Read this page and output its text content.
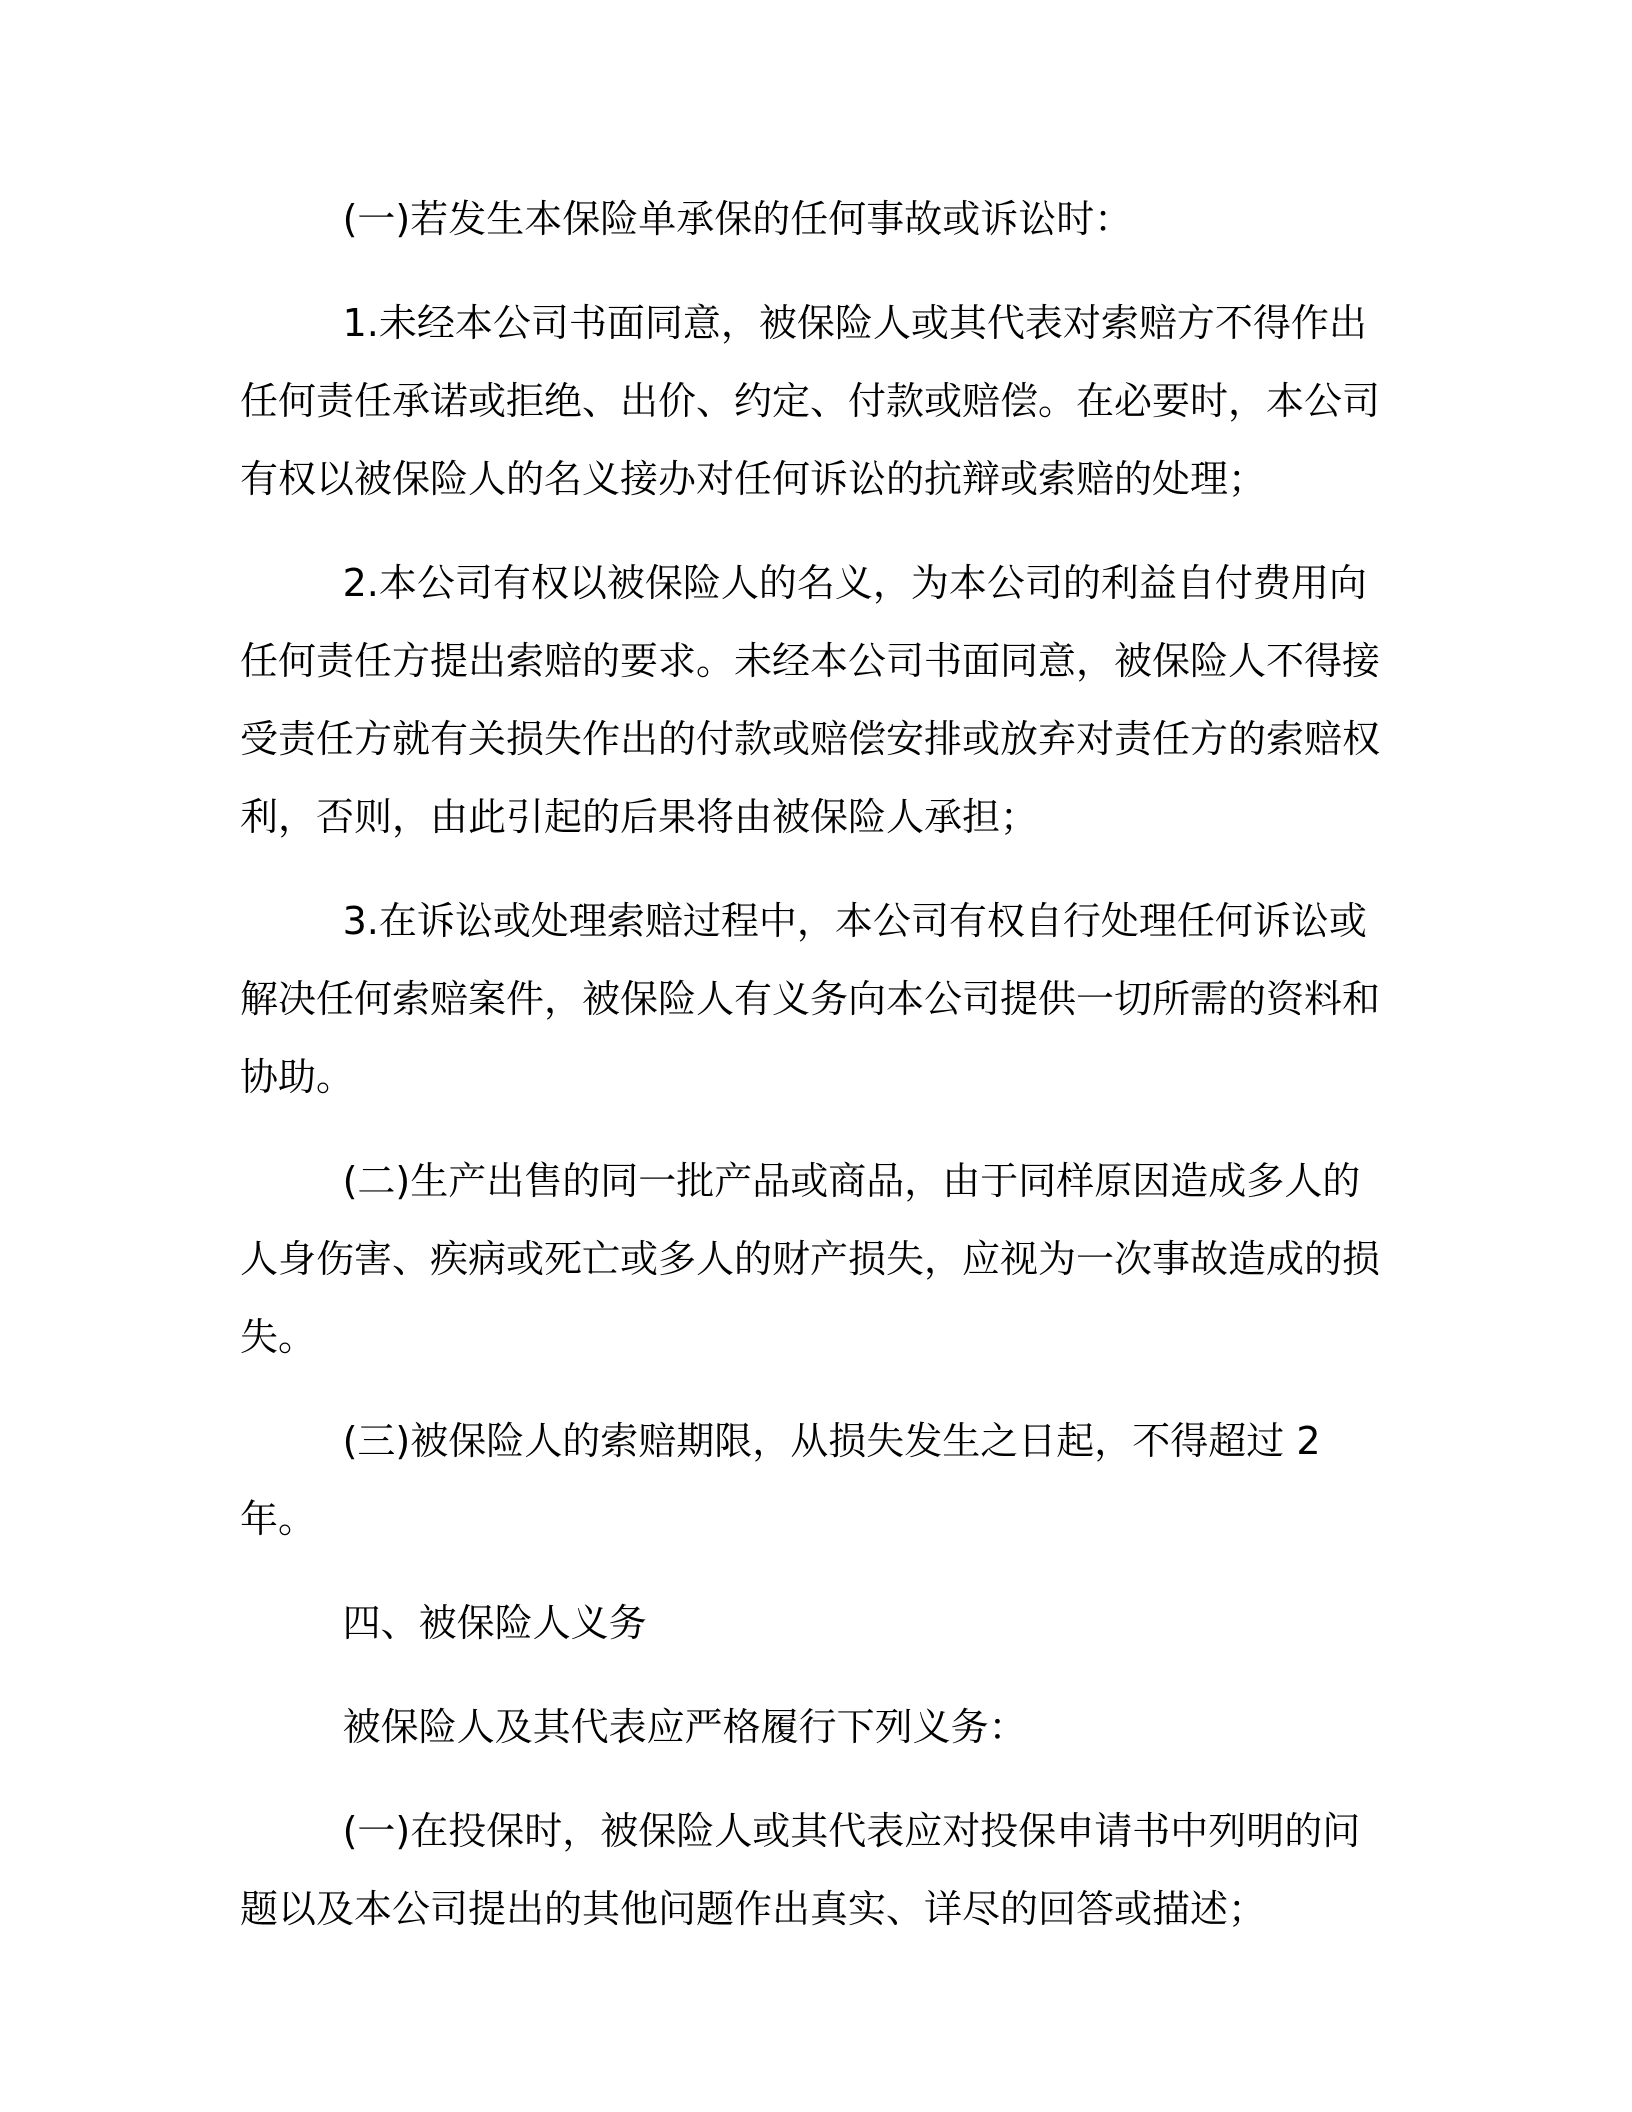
(一)若发生本保险单承保的任何事故或诉讼时：

1.未经本公司书面同意，被保险人或其代表对索赔方不得作出任何责任承诺或拒绝、出价、约定、付款或赔偿。在必要时，本公司有权以被保险人的名义接办对任何诉讼的抗辩或索赔的处理；

2.本公司有权以被保险人的名义，为本公司的利益自付费用向任何责任方提出索赔的要求。未经本公司书面同意，被保险人不得接受责任方就有关损失作出的付款或赔偿安排或放弃对责任方的索赔权利，否则，由此引起的后果将由被保险人承担；

3.在诉讼或处理索赔过程中，本公司有权自行处理任何诉讼或解决任何索赔案件，被保险人有义务向本公司提供一切所需的资料和协助。

(二)生产出售的同一批产品或商品，由于同样原因造成多人的人身伤害、疾病或死亡或多人的财产损失，应视为一次事故造成的损失。

(三)被保险人的索赔期限，从损失发生之日起，不得超过 2 年。

四、被保险人义务

被保险人及其代表应严格履行下列义务：

(一)在投保时，被保险人或其代表应对投保申请书中列明的问题以及本公司提出的其他问题作出真实、详尽的回答或描述；
